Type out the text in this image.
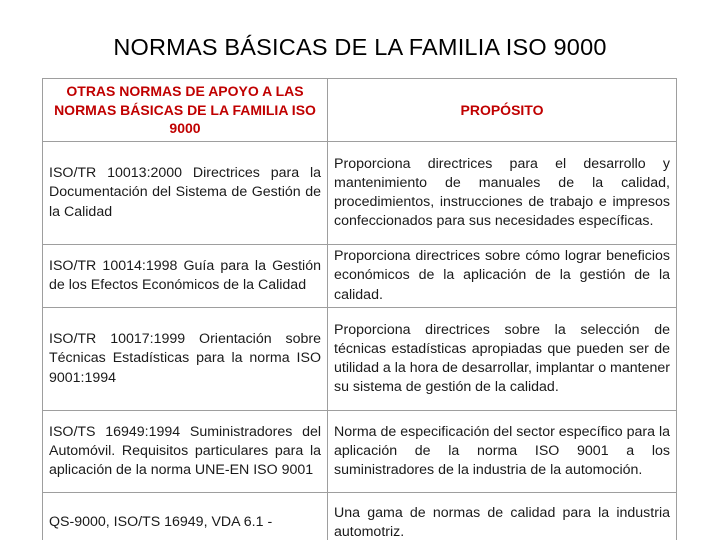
NORMAS BÁSICAS DE LA FAMILIA ISO 9000
OTRAS NORMAS DE APOYO A LAS NORMAS BÁSICAS DE LA FAMILIA ISO 9000	PROPÓSITO
ISO/TR 10013:2000 Directrices para la Documentación del Sistema de Gestión de la Calidad	Proporciona directrices para el desarrollo y mantenimiento de manuales de la calidad, procedimientos, instrucciones de trabajo e impresos confeccionados para sus necesidades específicas.
ISO/TR 10014:1998 Guía para la Gestión de los Efectos Económicos de la Calidad	Proporciona directrices sobre cómo lograr beneficios económicos de la aplicación de la gestión de la calidad.
ISO/TR 10017:1999 Orientación sobre Técnicas Estadísticas para la norma ISO 9001:1994	Proporciona directrices sobre la selección de técnicas estadísticas apropiadas que pueden ser de utilidad a la hora de desarrollar, implantar o mantener su sistema de gestión de la calidad.
ISO/TS 16949:1994 Suministradores del Automóvil. Requisitos particulares para la aplicación de la norma UNE-EN ISO 9001	Norma de especificación del sector específico para la aplicación de la norma ISO 9001 a los suministradores de la industria de la automoción.
QS-9000, ISO/TS 16949, VDA 6.1 -	Una gama de normas de calidad para la industria automotriz.
